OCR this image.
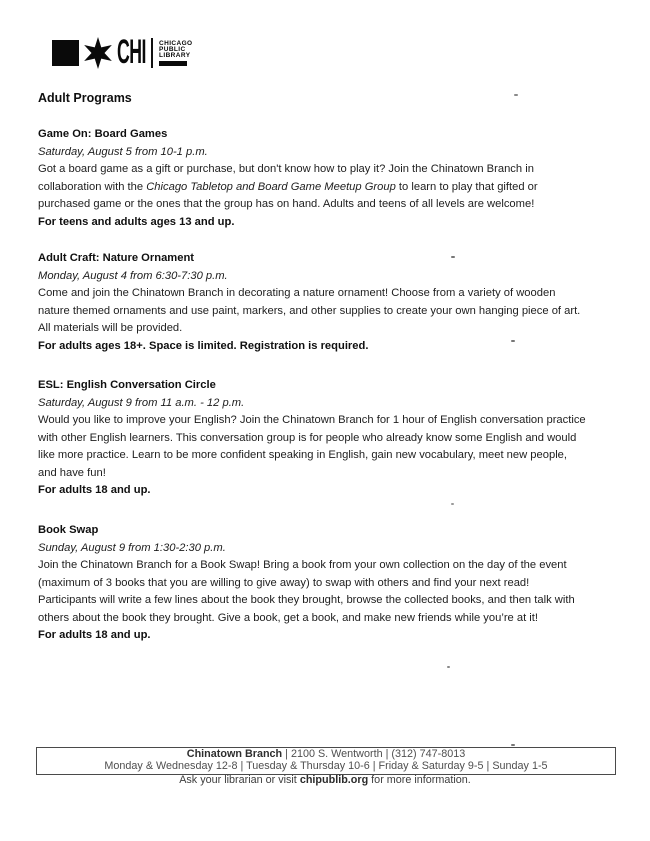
CHI CHICAGO
PUBLIC
LIBRARY
Adult Programs
Game On: Board Games

Saturday, August 5 from 10-1 p.m.

Got a board game as a gift or purchase, but don't know how to play it? Join the Chinatown Branch in

collaboration with the Chicago Tabletop and Board Game Meetup Group to learn to play that gifted or

purchased game or the ones that the group has on hand. Adults and teens of all levels are welcome!

For teens and adults ages 13 and up.

Adult Craft: Nature Ornament

Monday, August 4 from 6:30-7:30 p.m.

Come and join the Chinatown Branch in decorating a nature ornament! Choose from a variety of wooden

nature themed ornaments and use paint, markers, and other supplies to create your own hanging piece of art.

All materials will be provided.

For adults ages 18+. Space is limited. Registration is required.

ESL: English Conversation Circle

Saturday, August 9 from 11 a.m. - 12 p.m.

Would you like to improve your English? Join the Chinatown Branch for 1 hour of English conversation practice

with other English learners. This conversation group is for people who already know some English and would

like more practice. Learn to be more confident speaking in English, gain new vocabulary, meet new people,

and have fun!

For adults 18 and up.

Book Swap

Sunday, August 9 from 1:30-2:30 p.m.

Join the Chinatown Branch for a Book Swap! Bring a book from your own collection on the day of the event

(maximum of 3 books that you are willing to give away) to swap with others and find your next read!

Participants will write a few lines about the book they brought, browse the collected books, and then talk with

others about the book they brought. Give a book, get a book, and make new friends while you’re at it!

For adults 18 and up.

Chinatown Branch | 2100 S. Wentworth | (312) 747-8013
Monday & Wednesday 12-8 | Tuesday & Thursday 10-6 | Friday & Saturday 9-5 | Sunday 1-5
Ask your librarian or visit chipublib.org for more information.
